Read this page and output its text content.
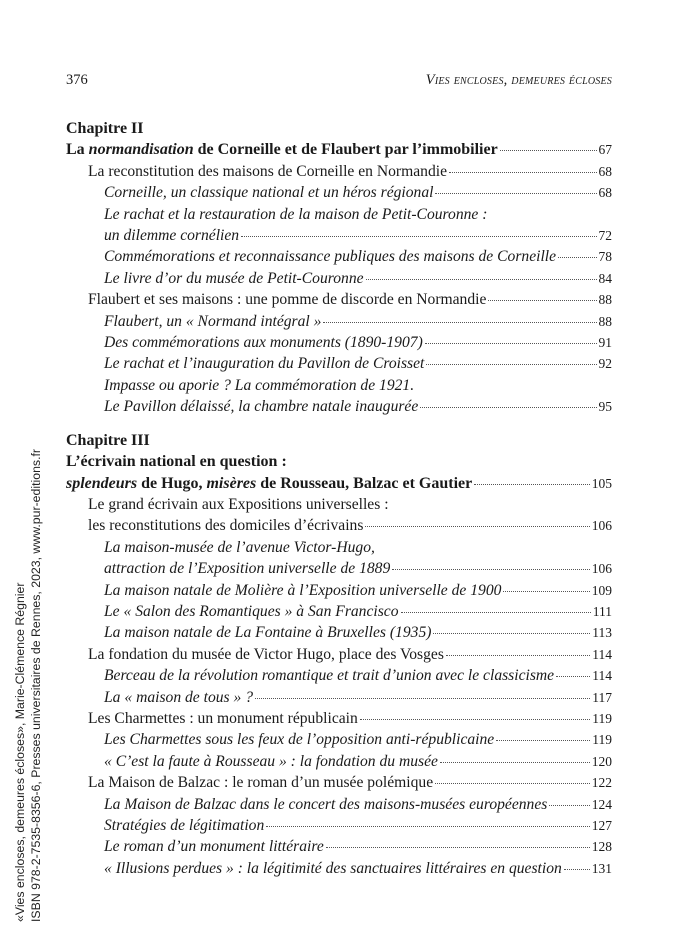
376	Vies encloses, demeures écloses
Chapitre II
La normandisation de Corneille et de Flaubert par l’immobilier	67
La reconstitution des maisons de Corneille en Normandie	68
Corneille, un classique national et un héros régional	68
Le rachat et la restauration de la maison de Petit-Couronne :
un dilemme cornélien	72
Commémorations et reconnaissance publiques des maisons de Corneille	78
Le livre d’or du musée de Petit-Couronne	84
Flaubert et ses maisons : une pomme de discorde en Normandie	88
Flaubert, un « Normand intégral »	88
Des commémorations aux monuments (1890-1907)	91
Le rachat et l’inauguration du Pavillon de Croisset	92
Impasse ou aporie ? La commémoration de 1921.
Le Pavillon délaissé, la chambre natale inaugurée	95
Chapitre III
L’écrivain national en question :
splendeurs de Hugo, misères de Rousseau, Balzac et Gautier	105
Le grand écrivain aux Expositions universelles :
les reconstitutions des domiciles d’écrivains	106
La maison-musée de l’avenue Victor-Hugo,
attraction de l’Exposition universelle de 1889	106
La maison natale de Molière à l’Exposition universelle de 1900	109
Le « Salon des Romantiques » à San Francisco	111
La maison natale de La Fontaine à Bruxelles (1935)	113
La fondation du musée de Victor Hugo, place des Vosges	114
Berceau de la révolution romantique et trait d’union avec le classicisme	114
La « maison de tous » ?	117
Les Charmettes : un monument républicain	119
Les Charmettes sous les feux de l’opposition anti-républicaine	119
« C’est la faute à Rousseau » : la fondation du musée	120
La Maison de Balzac : le roman d’un musée polémique	122
La Maison de Balzac dans le concert des maisons-musées européennes	124
Stratégies de légitimation	127
Le roman d’un monument littéraire	128
« Illusions perdues » : la légitimité des sanctuaires littéraires en question 131
«Vies encloses, demeures écloses», Marie-Clémence Régnier ISBN 978-2-7535-8356-6, Presses universitaires de Rennes, 2023, www.pur-editions.fr
